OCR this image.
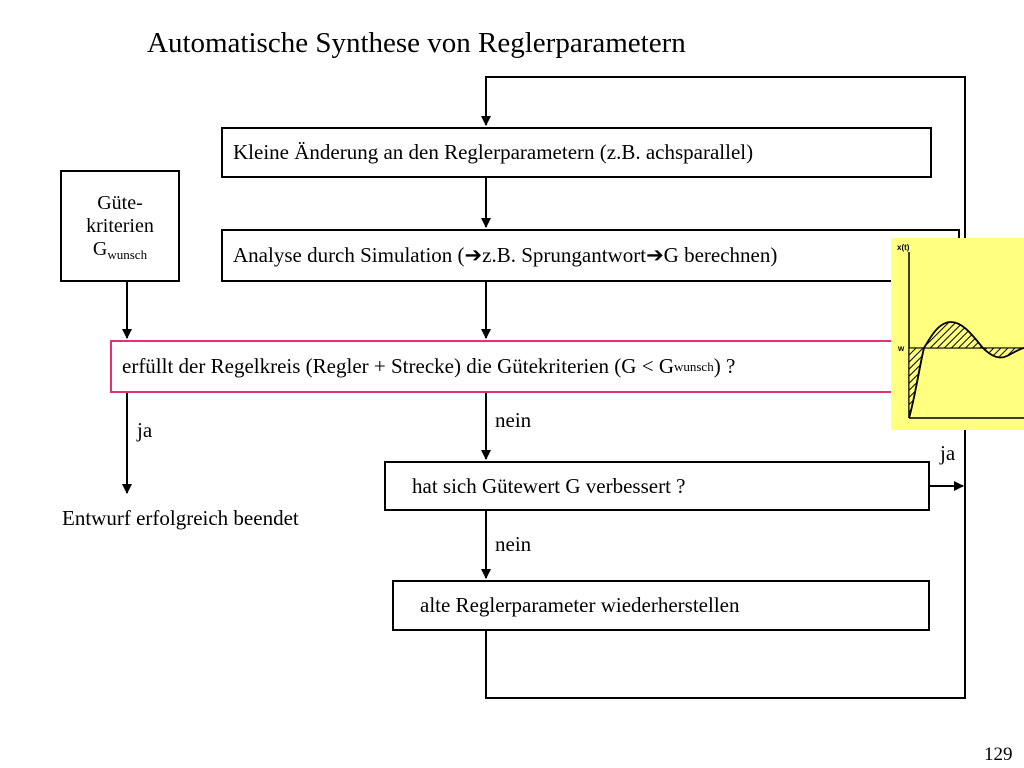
Automatische Synthese von Reglerparametern
Kleine Änderung an den Reglerparametern (z.B. achsparallel)
Analyse durch Simulation ( ➔ z.B. Sprungantwort ➔ G berechnen)
erfüllt der Regelkreis (Regler + Strecke) die Gütekriterien (G < G wunsch ) ?
Güte-
kriterien
$G_{wunsch}$
hat sich Gütewert G verbessert ?
alte Reglerparameter wiederherstellen
ja	nein
ja
nein
Entwurf erfolgreich beendet
x(t)
w
129
